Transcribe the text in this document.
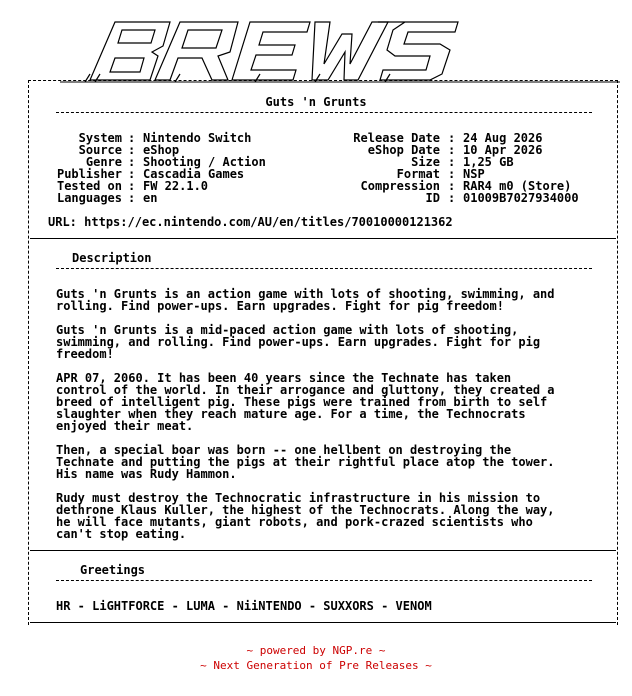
Guts 'n Grunts
System : Nintendo Switch
Source : eShop
Genre : Shooting / Action
Publisher : Cascadia Games
Tested on : FW 22.1.0
Languages : en
Release Date : 24 Aug 2026
eShop Date : 10 Apr 2026
Size : 1,25 GB
Format : NSP
Compression : RAR4 m0 (Store)
ID : 01009B7027934000
URL: https://ec.nintendo.com/AU/en/titles/70010000121362
Description
Guts 'n Grunts is an action game with lots of shooting, swimming, and
rolling. Find power-ups. Earn upgrades. Fight for pig freedom!
Guts 'n Grunts is a mid-paced action game with lots of shooting,
swimming, and rolling. Find power-ups. Earn upgrades. Fight for pig
freedom!
APR 07, 2060. It has been 40 years since the Technate has taken
control of the world. In their arrogance and gluttony, they created a
breed of intelligent pig. These pigs were trained from birth to self
slaughter when they reach mature age. For a time, the Technocrats
enjoyed their meat.
Then, a special boar was born -- one hellbent on destroying the
Technate and putting the pigs at their rightful place atop the tower.
His name was Rudy Hammon.
Rudy must destroy the Technocratic infrastructure in his mission to
dethrone Klaus Kuller, the highest of the Technocrats. Along the way,
he will face mutants, giant robots, and pork-crazed scientists who
can't stop eating.
Greetings
HR - LiGHTFORCE - LUMA - NiiNTENDO - SUXXORS - VENOM
~ powered by NGP.re ~
~ Next Generation of Pre Releases ~
